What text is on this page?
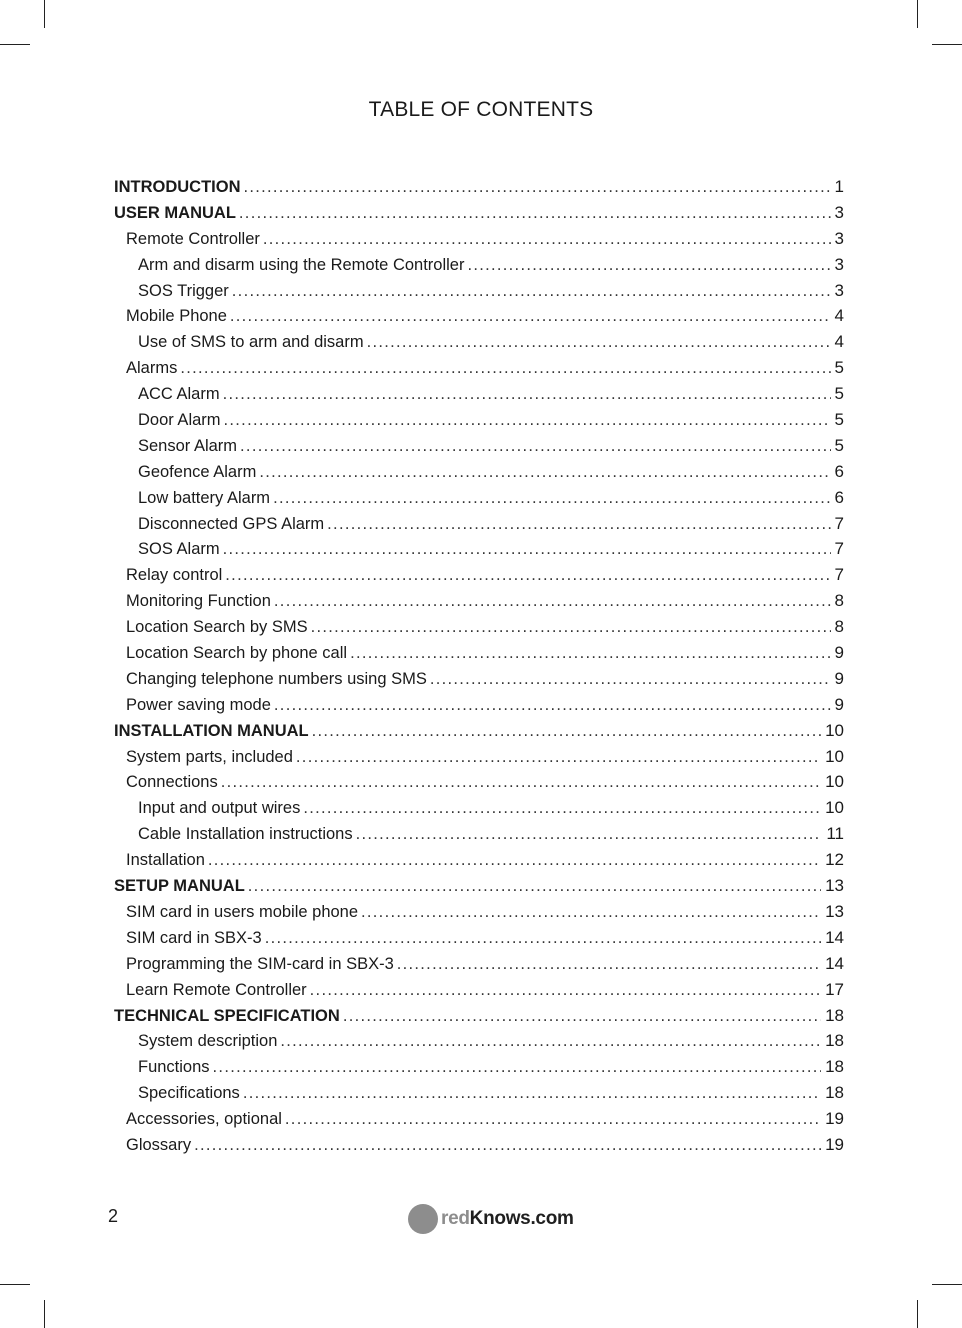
TABLE OF CONTENTS
INTRODUCTION .....	1
USER MANUAL .....	3
Remote Controller .....	3
Arm and disarm using the Remote Controller .....	3
SOS Trigger .....	3
Mobile Phone .....	4
Use of SMS to arm and disarm .....	4
Alarms .....	5
ACC Alarm .....	5
Door Alarm .....	5
Sensor Alarm .....	5
Geofence Alarm .....	6
Low battery Alarm .....	6
Disconnected GPS Alarm .....	7
SOS Alarm .....	7
Relay control .....	7
Monitoring Function .....	8
Location Search by SMS .....	8
Location Search by phone call .....	9
Changing telephone numbers using SMS .....	9
Power saving mode .....	9
INSTALLATION MANUAL .....	10
System parts, included .....	10
Connections .....	10
Input and output wires .....	10
Cable Installation instructions .....	11
Installation .....	12
SETUP MANUAL .....	13
SIM card in users mobile phone .....	13
SIM card in SBX-3 .....	14
Programming the SIM-card in SBX-3 .....	14
Learn Remote Controller .....	17
TECHNICAL SPECIFICATION .....	18
System description .....	18
Functions .....	18
Specifications .....	18
Accessories, optional .....	19
Glossary .....	19
2	redKnows.com
